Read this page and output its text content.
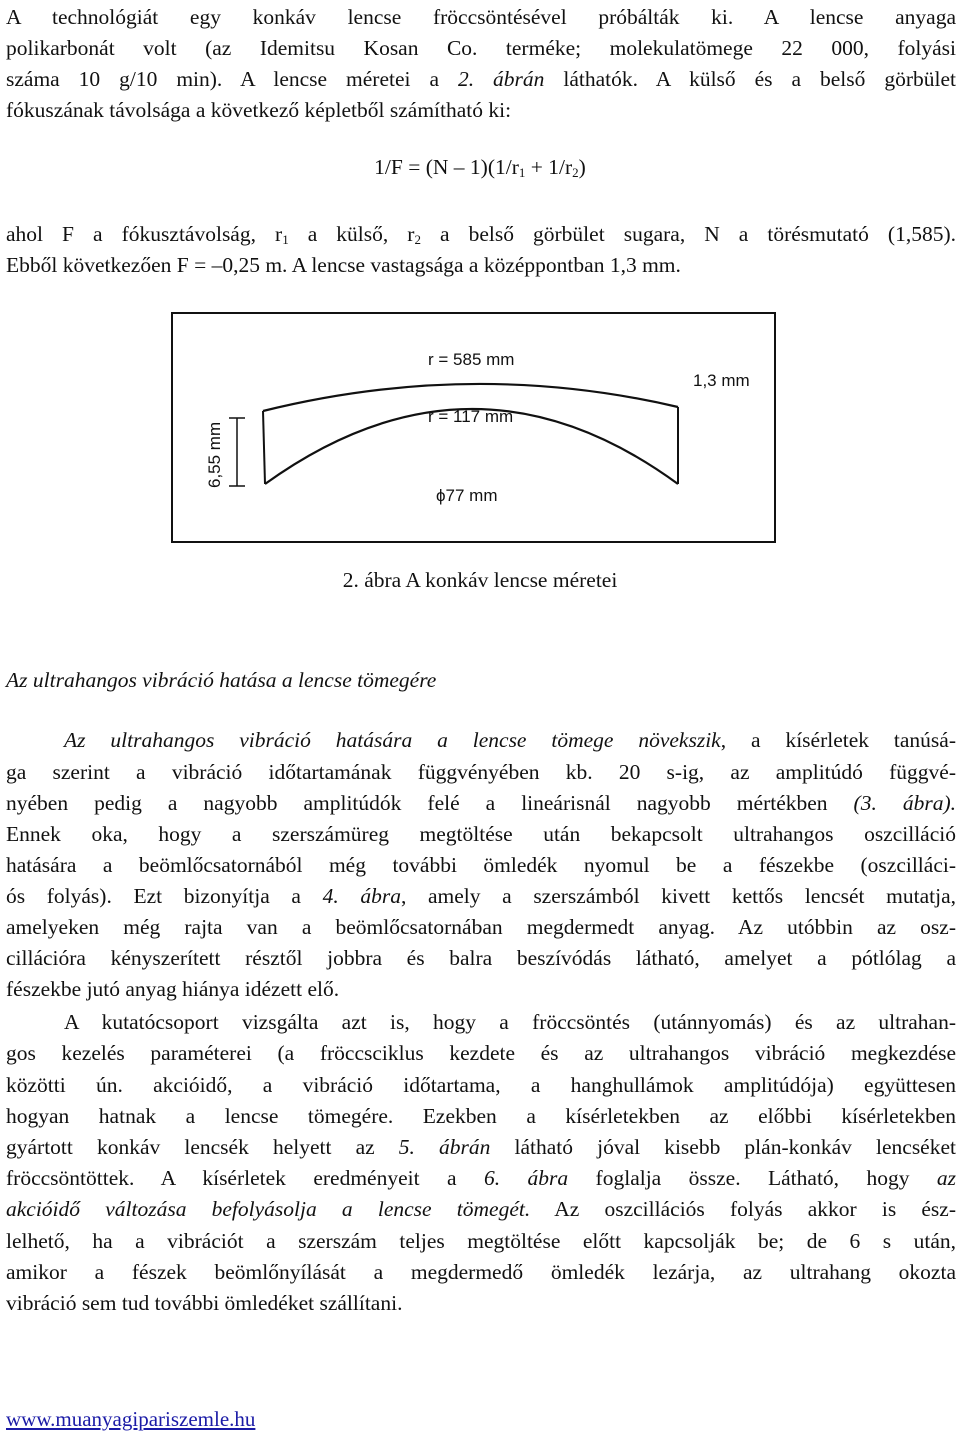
A technológiát egy konkáv lencse fröccsöntésével próbálták ki. A lencse anyaga
polikarbonát volt (az Idemitsu Kosan Co. terméke; molekulatömege 22 000, folyási
száma 10 g/10 min). A lencse méretei a 2. ábrán láthatók. A külső és a belső görbület
fókuszának távolsága a következő képletből számítható ki:
$1/F = (N - 1)(1/r_1 + 1/r_2)$
ahol F a fókusztávolság, $r_1$ a külső, $r_2$ a belső görbület sugara, N a törésmutató (1,585).
Ebből következően F = –0,25 m. A lencse vastagsága a középpontban 1,3 mm.
r = 585 mm
1,3 mm
r = 117 mm
ϕ77 mm
6,55 mm
2. ábra A konkáv lencse méretei
Az ultrahangos vibráció hatása a lencse tömegére
Az ultrahangos vibráció hatására a lencse tömege növekszik, a kísérletek tanúsá-
ga szerint a vibráció időtartamának függvényében kb. 20 s-ig, az amplitúdó függvé-
nyében pedig a nagyobb amplitúdók felé a lineárisnál nagyobb mértékben (3. ábra).
Ennek oka, hogy a szerszámüreg megtöltése után bekapcsolt ultrahangos oszcilláció
hatására a beömlőcsatornából még további ömledék nyomul be a fészekbe (oszcilláci-
ós folyás). Ezt bizonyítja a 4. ábra, amely a szerszámból kivett kettős lencsét mutatja,
amelyeken még rajta van a beömlőcsatornában megdermedt anyag. Az utóbbin az osz-
cillációra kényszerített résztől jobbra és balra beszívódás látható, amelyet a pótlólag a
fészekbe jutó anyag hiánya idézett elő.
A kutatócsoport vizsgálta azt is, hogy a fröccsöntés (utánnyomás) és az ultrahan-
gos kezelés paraméterei (a fröccsciklus kezdete és az ultrahangos vibráció megkezdése
közötti ún. akcióidő, a vibráció időtartama, a hanghullámok amplitúdója) együttesen
hogyan hatnak a lencse tömegére. Ezekben a kísérletekben az előbbi kísérletekben
gyártott konkáv lencsék helyett az 5. ábrán látható jóval kisebb plán-konkáv lencséket
fröccsöntöttek. A kísérletek eredményeit a 6. ábra foglalja össze. Látható, hogy az
akcióidő változása befolyásolja a lencse tömegét. Az oszcillációs folyás akkor is ész-
lelhető, ha a vibrációt a szerszám teljes megtöltése előtt kapcsolják be; de 6 s után,
amikor a fészek beömlőnyílását a megdermedő ömledék lezárja, az ultrahang okozta
vibráció sem tud további ömledéket szállítani.
www.muanyagipariszemle.hu
